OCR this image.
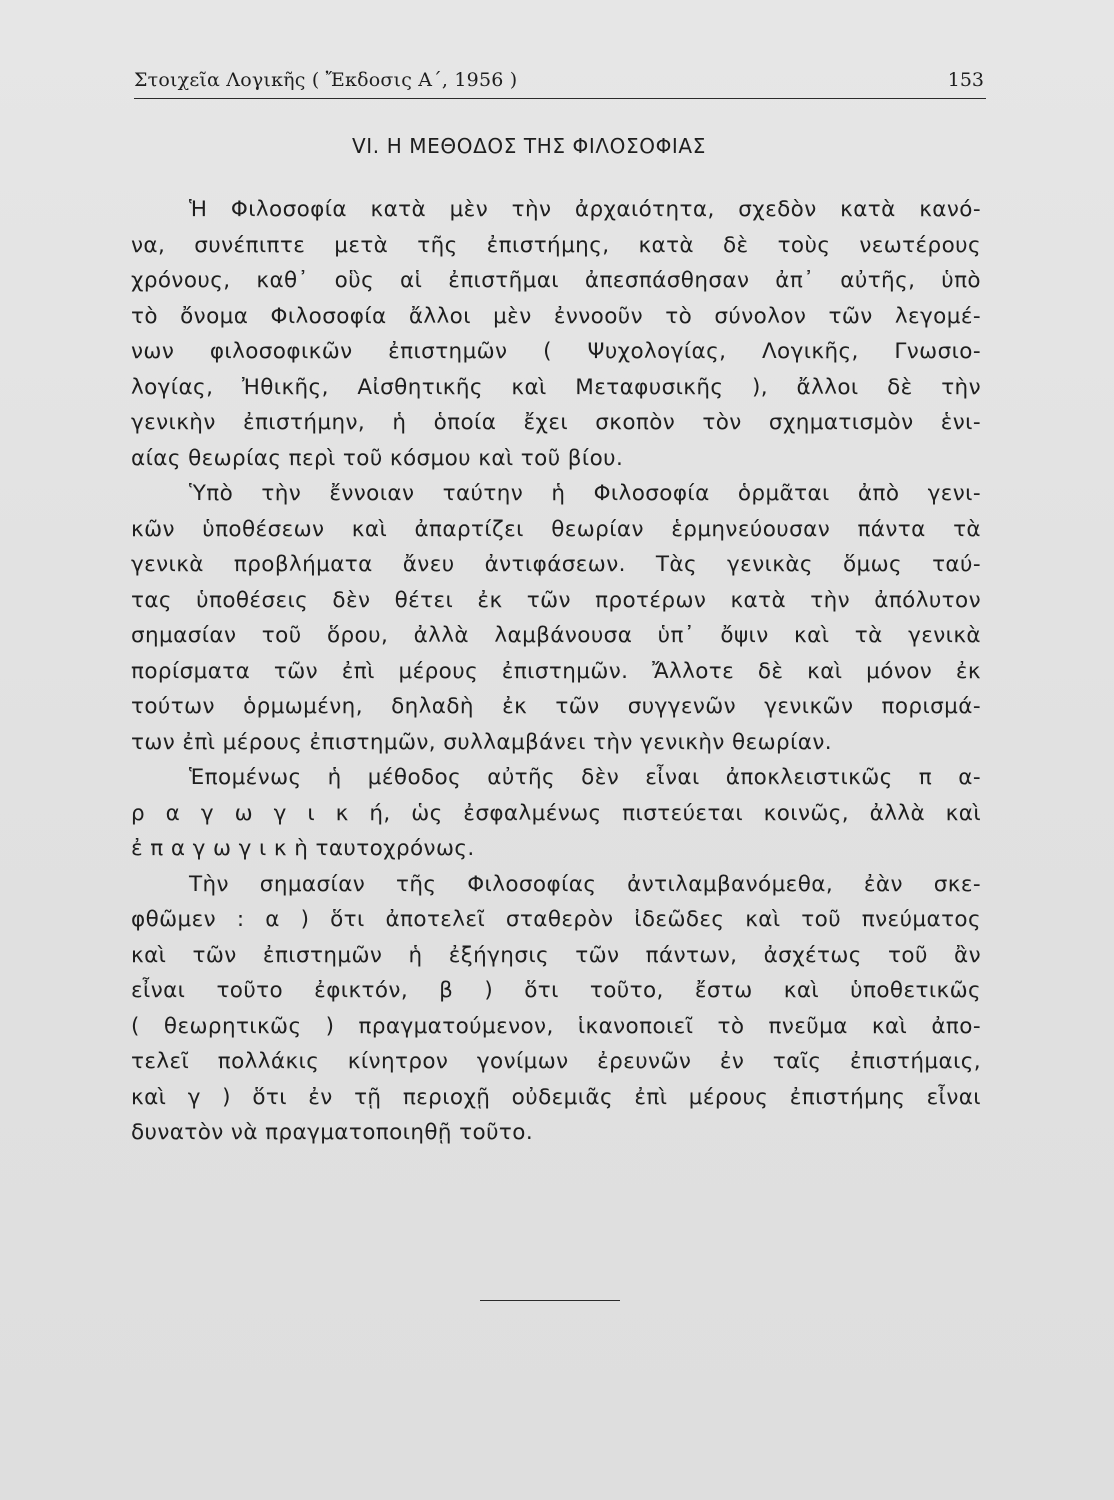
Στοιχεῖα Λογικῆς ( Ἔκδοσις Α΄, 1956 )	153
VI. Η ΜΕΘΟΔΟΣ ΤΗΣ ΦΙΛΟΣΟΦΙΑΣ

Ἡ Φιλοσοφία κατὰ μὲν τὴν ἀρχαιότητα, σχεδὸν κατὰ κανό-
να, συνέπιπτε μετὰ τῆς ἐπιστήμης, κατὰ δὲ τοὺς νεωτέρους
χρόνους, καθ᾽ οὓς αἱ ἐπιστῆμαι ἀπεσπάσθησαν ἀπ᾽ αὐτῆς, ὑπὸ
τὸ ὄνομα Φιλοσοφία ἄλλοι μὲν ἐννοοῦν τὸ σύνολον τῶν λεγομέ-
νων φιλοσοφικῶν ἐπιστημῶν ( Ψυχολογίας, Λογικῆς, Γνωσιο-
λογίας, Ἠθικῆς, Αἰσθητικῆς καὶ Μεταφυσικῆς ), ἄλλοι δὲ τὴν
γενικὴν ἐπιστήμην, ἡ ὁποία ἔχει σκοπὸν τὸν σχηματισμὸν ἑνι-
αίας θεωρίας περὶ τοῦ κόσμου καὶ τοῦ βίου.

Ὑπὸ τὴν ἔννοιαν ταύτην ἡ Φιλοσοφία ὁρμᾶται ἀπὸ γενι-
κῶν ὑποθέσεων καὶ ἀπαρτίζει θεωρίαν ἑρμηνεύουσαν πάντα τὰ
γενικὰ προβλήματα ἄνευ ἀντιφάσεων. Τὰς γενικὰς ὅμως ταύ-
τας ὑποθέσεις δὲν θέτει ἐκ τῶν προτέρων κατὰ τὴν ἀπόλυτον
σημασίαν τοῦ ὅρου, ἀλλὰ λαμβάνουσα ὑπ᾽ ὄψιν καὶ τὰ γενικὰ
πορίσματα τῶν ἐπὶ μέρους ἐπιστημῶν. Ἄλλοτε δὲ καὶ μόνον ἐκ
τούτων ὁρμωμένη, δηλαδὴ ἐκ τῶν συγγενῶν γενικῶν πορισμά-
των ἐπὶ μέρους ἐπιστημῶν, συλλαμβάνει τὴν γενικὴν θεωρίαν.

Ἑπομένως ἡ μέθοδος αὐτῆς δὲν εἶναι ἀποκλειστικῶς π α-
ρ α γ ω γ ι κ ή, ὡς ἐσφαλμένως πιστεύεται κοινῶς, ἀλλὰ καὶ
ἐ π α γ ω γ ι κ ὴ ταυτοχρόνως.

Τὴν σημασίαν τῆς Φιλοσοφίας ἀντιλαμβανόμεθα, ἐὰν σκε-
φθῶμεν : α ) ὅτι ἀποτελεῖ σταθερὸν ἰδεῶδες καὶ τοῦ πνεύματος
καὶ τῶν ἐπιστημῶν ἡ ἐξήγησις τῶν πάντων, ἀσχέτως τοῦ ἂν
εἶναι τοῦτο ἐφικτόν, β ) ὅτι τοῦτο, ἔστω καὶ ὑποθετικῶς
( θεωρητικῶς ) πραγματούμενον, ἱκανοποιεῖ τὸ πνεῦμα καὶ ἀπο-
τελεῖ πολλάκις κίνητρον γονίμων ἐρευνῶν ἐν ταῖς ἐπιστήμαις,
καὶ γ ) ὅτι ἐν τῇ περιοχῇ οὐδεμιᾶς ἐπὶ μέρους ἐπιστήμης εἶναι
δυνατὸν νὰ πραγματοποιηθῇ τοῦτο.
